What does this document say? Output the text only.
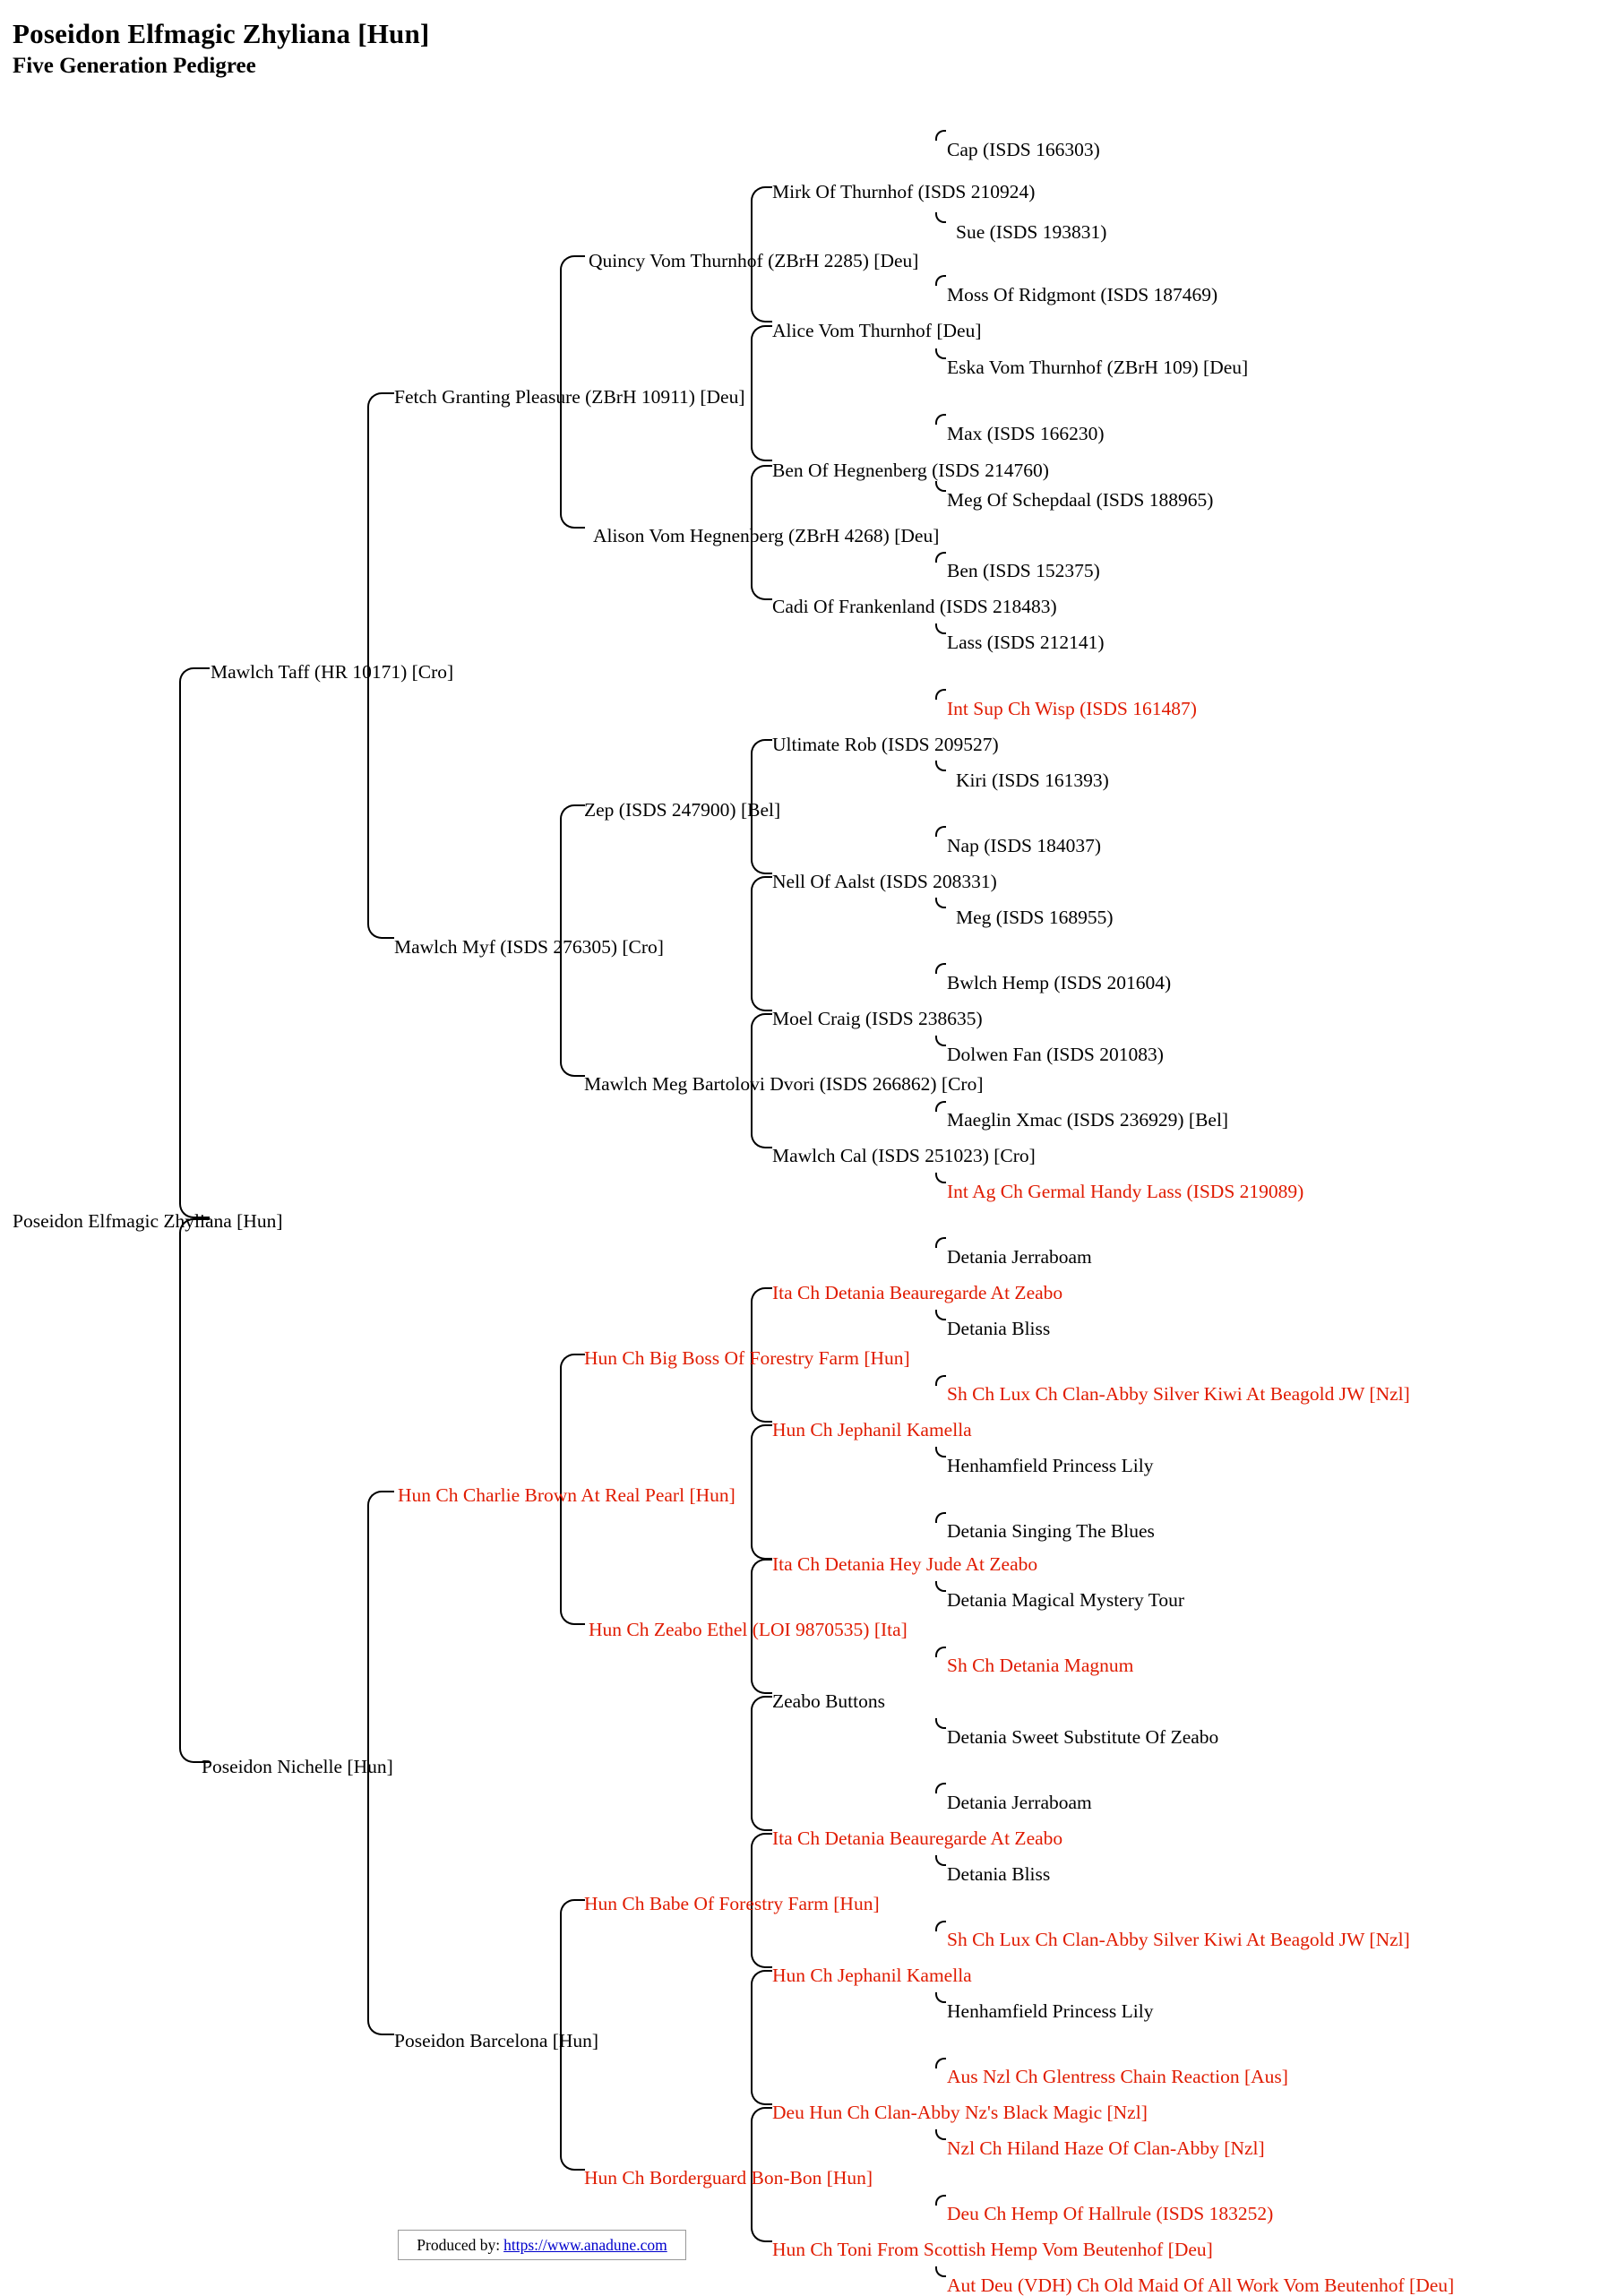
Poseidon Elfmagic Zhyliana [Hun]
Five Generation Pedigree
Cap (ISDS 166303)
Mirk Of Thurnhof (ISDS 210924)
Sue (ISDS 193831)
Quincy Vom Thurnhof (ZBrH 2285) [Deu]
Moss Of Ridgmont (ISDS 187469)
Alice Vom Thurnhof [Deu]
Eska Vom Thurnhof (ZBrH 109) [Deu]
Fetch Granting Pleasure (ZBrH 10911) [Deu]
Max (ISDS 166230)
Ben Of Hegnenberg (ISDS 214760)
Meg Of Schepdaal (ISDS 188965)
Alison Vom Hegnenberg (ZBrH 4268) [Deu]
Ben (ISDS 152375)
Cadi Of Frankenland (ISDS 218483)
Lass (ISDS 212141)
Mawlch Taff (HR 10171) [Cro]
Int Sup Ch Wisp (ISDS 161487)
Ultimate Rob (ISDS 209527)
Kiri (ISDS 161393)
Zep (ISDS 247900) [Bel]
Nap (ISDS 184037)
Nell Of Aalst (ISDS 208331)
Meg (ISDS 168955)
Mawlch Myf (ISDS 276305) [Cro]
Bwlch Hemp (ISDS 201604)
Moel Craig (ISDS 238635)
Dolwen Fan (ISDS 201083)
Mawlch Meg Bartolovi Dvori (ISDS 266862) [Cro]
Maeglin Xmac (ISDS 236929) [Bel]
Mawlch Cal (ISDS 251023) [Cro]
Int Ag Ch Germal Handy Lass (ISDS 219089)
Poseidon Elfmagic Zhyliana [Hun]
Detania Jerraboam
Ita Ch Detania Beauregarde At Zeabo
Detania Bliss
Hun Ch Big Boss Of Forestry Farm [Hun]
Sh Ch Lux Ch Clan-Abby Silver Kiwi At Beagold JW [Nzl]
Hun Ch Jephanil Kamella
Henhamfield Princess Lily
Hun Ch Charlie Brown At Real Pearl [Hun]
Detania Singing The Blues
Ita Ch Detania Hey Jude At Zeabo
Detania Magical Mystery Tour
Hun Ch Zeabo Ethel (LOI 9870535) [Ita]
Sh Ch Detania Magnum
Zeabo Buttons
Detania Sweet Substitute Of Zeabo
Poseidon Nichelle [Hun]
Detania Jerraboam
Ita Ch Detania Beauregarde At Zeabo
Detania Bliss
Hun Ch Babe Of Forestry Farm [Hun]
Sh Ch Lux Ch Clan-Abby Silver Kiwi At Beagold JW [Nzl]
Hun Ch Jephanil Kamella
Henhamfield Princess Lily
Poseidon Barcelona [Hun]
Aus Nzl Ch Glentress Chain Reaction [Aus]
Deu Hun Ch Clan-Abby Nz's Black Magic [Nzl]
Nzl Ch Hiland Haze Of Clan-Abby [Nzl]
Hun Ch Borderguard Bon-Bon [Hun]
Deu Ch Hemp Of Hallrule (ISDS 183252)
Hun Ch Toni From Scottish Hemp Vom Beutenhof [Deu]
Aut Deu (VDH) Ch Old Maid Of All Work Vom Beutenhof [Deu]
Produced by: https://www.anadune.com
